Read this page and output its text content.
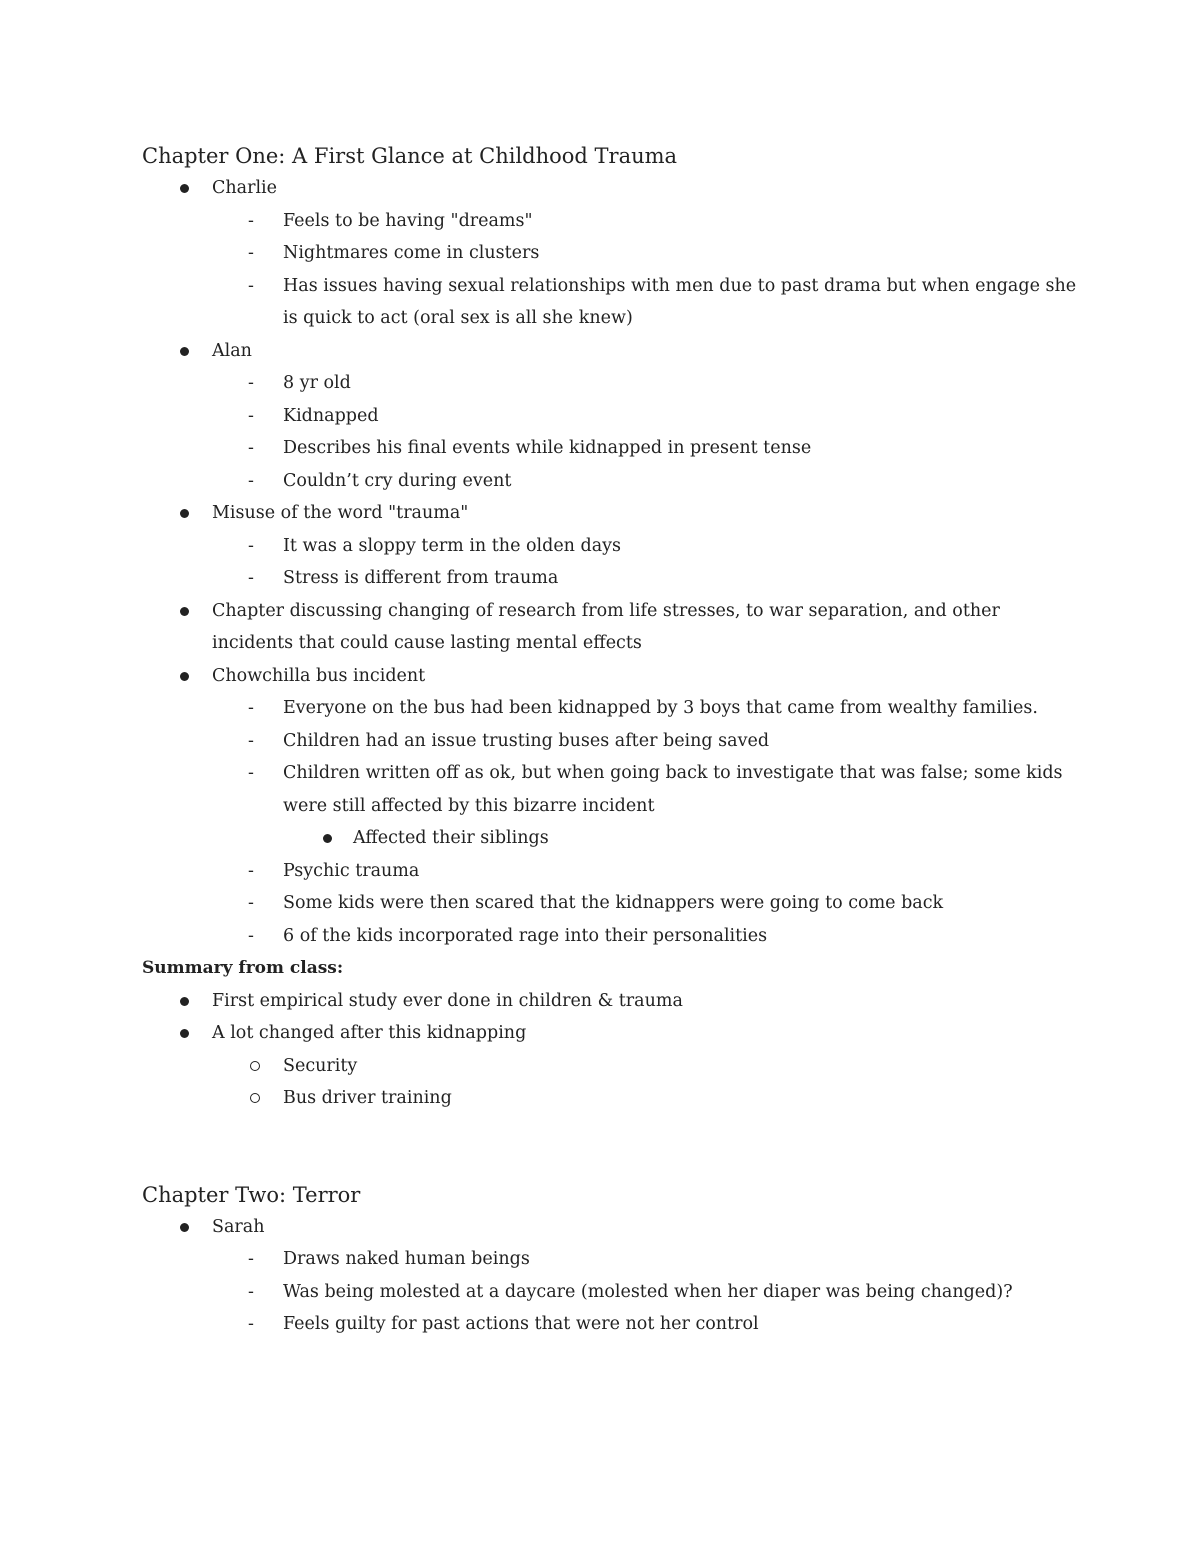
Chapter One: A First Glance at Childhood Trauma
Charlie
- Feels to be having "dreams"
- Nightmares come in clusters
- Has issues having sexual relationships with men due to past drama but when engage she is quick to act (oral sex is all she knew)
Alan
- 8 yr old
- Kidnapped
- Describes his final events while kidnapped in present tense
- Couldn’t cry during event
Misuse of the word "trauma"
- It was a sloppy term in the olden days
- Stress is different from trauma
Chapter discussing changing of research from life stresses, to war separation, and other incidents that could cause lasting mental effects
Chowchilla bus incident
- Everyone on the bus had been kidnapped by 3 boys that came from wealthy families.
- Children had an issue trusting buses after being saved
- Children written off as ok, but when going back to investigate that was false; some kids were still affected by this bizarre incident
Affected their siblings
- Psychic trauma
- Some kids were then scared that the kidnappers were going to come back
- 6 of the kids incorporated rage into their personalities
Summary from class:
First empirical study ever done in children & trauma
A lot changed after this kidnapping
Security
Bus driver training
Chapter Two: Terror
Sarah
- Draws naked human beings
- Was being molested at a daycare (molested when her diaper was being changed)?
- Feels guilty for past actions that were not her control
